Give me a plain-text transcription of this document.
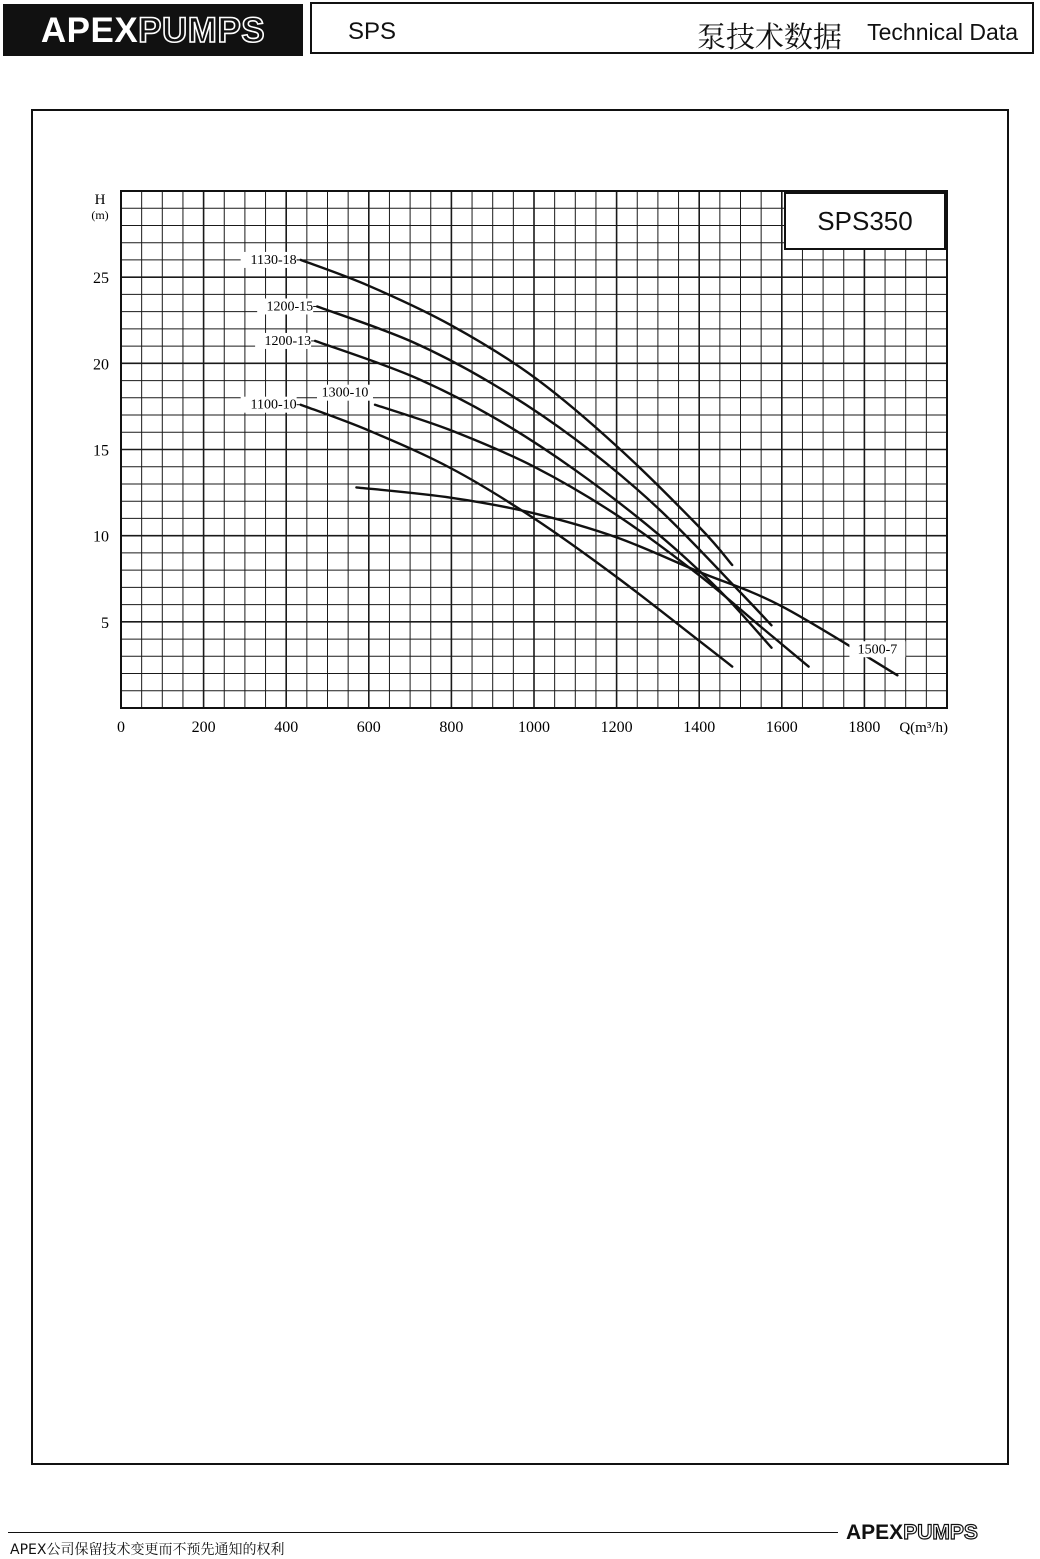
APEXPUMPS	SPS	泵技术数据 Technical Data
0	200	400	600	800	1000	1200	1400	1600	1800
5
10
15
20
25
H
(m)
Q(m³/h)
1130-18
1200-15
1200-13
1300-10
1100-10
1500-7
SPS350
APEX公司保留技术变更而不预先通知的权利
APEXPUMPS
